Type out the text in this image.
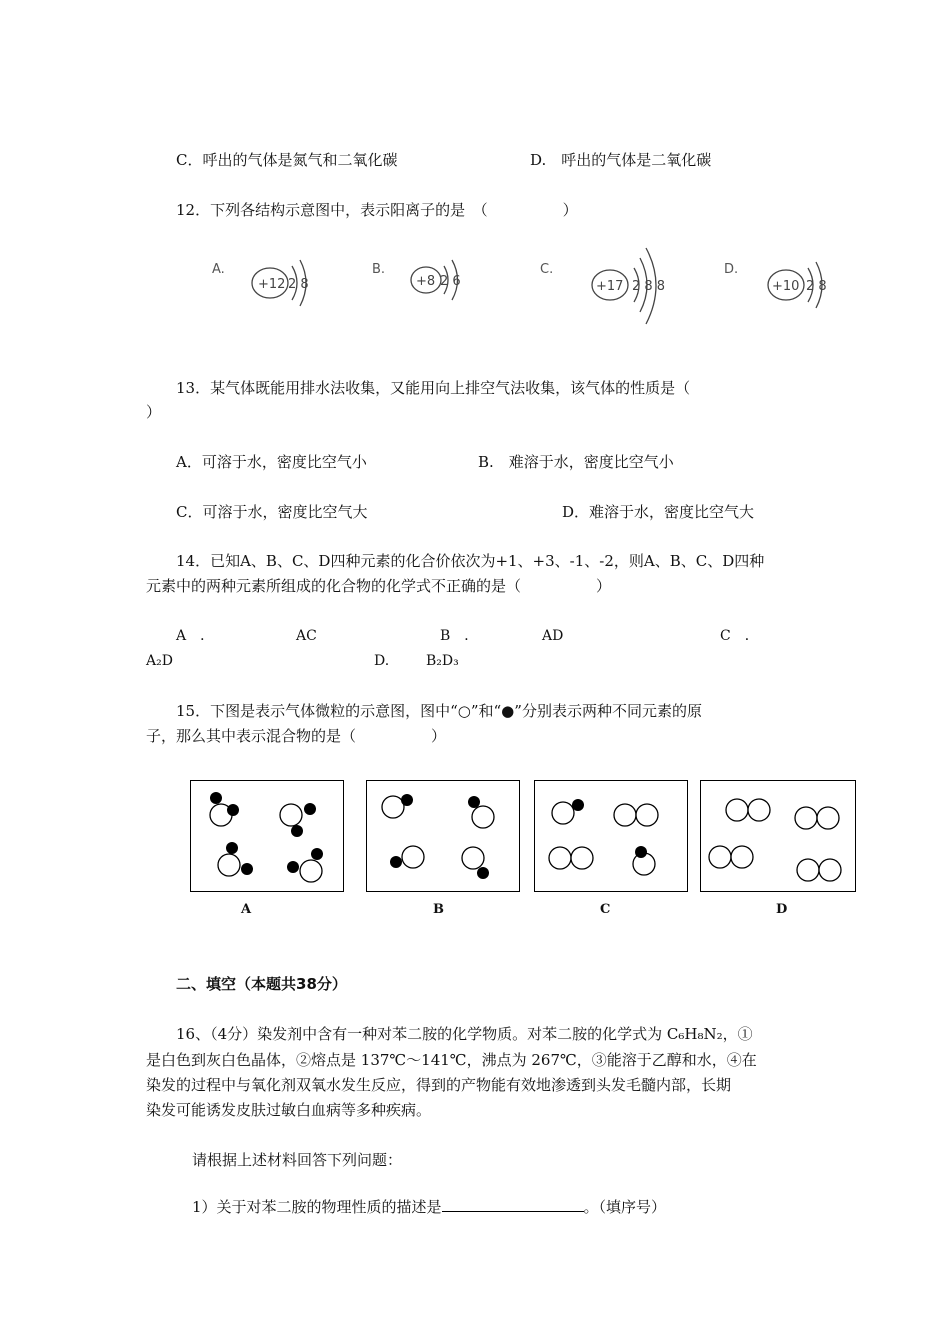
C．呼出的气体是氮气和二氧化碳	D.　呼出的气体是二氧化碳
12．下列各结构示意图中，表示阳离子的是　（　　　　　）
A.
+12 2 8
B.
+8 2 6
C.
+17 2 8 8
D.
+10 2 8
13．某气体既能用排水法收集，又能用向上排空气法收集，该气体的性质是（
）
A．可溶于水，密度比空气小	B.　难溶于水，密度比空气小
C．可溶于水，密度比空气大	D．难溶于水，密度比空气大
14．已知A、B、C、D四种元素的化合价依次为+1、+3、-1、-2，则A、B、C、D四种
元素中的两种元素所组成的化合物的化学式不正确的是（　　　　　）
A　．	AC	B　．	AD	C　．
A₂D	D.	B₂D₃
15．下图是表示气体微粒的示意图，图中“○”和“●”分别表示两种不同元素的原
子，那么其中表示混合物的是（　　　　　）
A	B	C	D
二、填空（本题共38分）
16、（4分）染发剂中含有一种对苯二胺的化学物质。对苯二胺的化学式为 C₆H₈N₂，①
是白色到灰白色晶体，②熔点是 137℃～141℃，沸点为 267℃，③能溶于乙醇和水，④在
染发的过程中与氧化剂双氧水发生反应，得到的产物能有效地渗透到头发毛髓内部，长期
染发可能诱发皮肤过敏白血病等多种疾病。
请根据上述材料回答下列问题：
1）关于对苯二胺的物理性质的描述是	。（填序号）
